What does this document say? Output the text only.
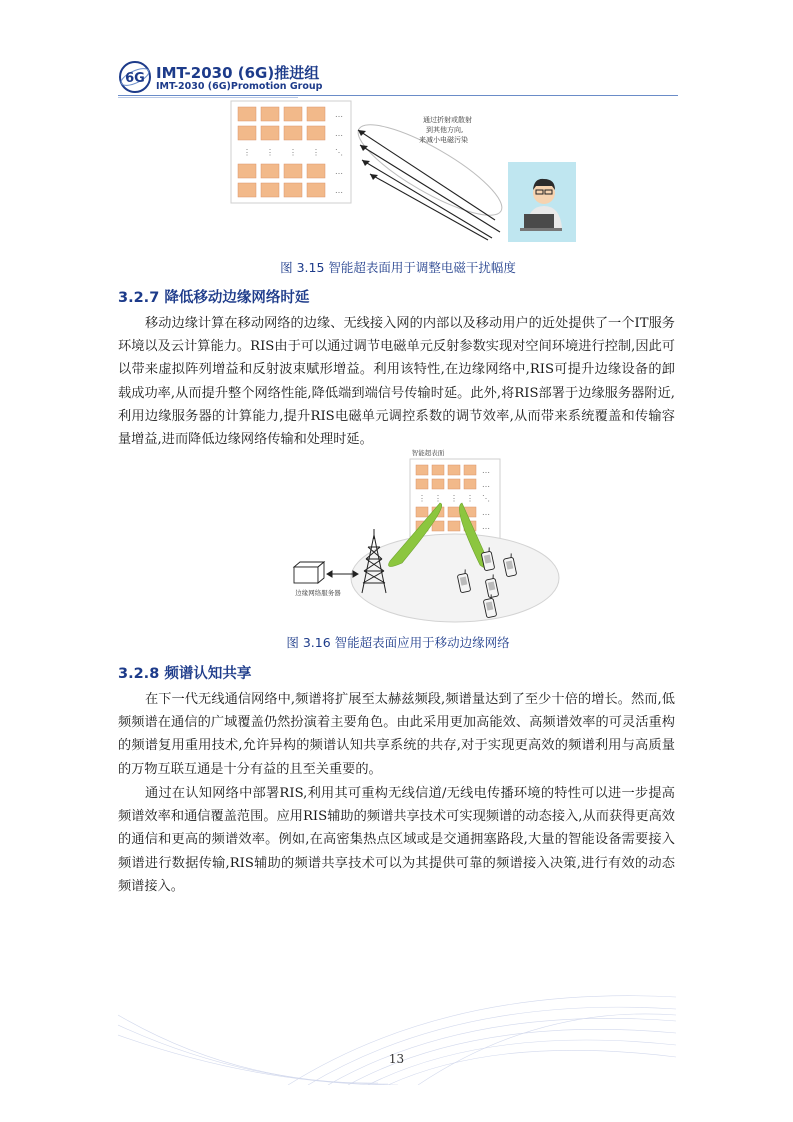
6G IMT-2030 (6G)推进组
IMT-2030 (6G)Promotion Group
…
…
⋮ ⋮ ⋮ ⋮ ⋱
…
…
通过折射或散射 到其他方向, 来减小电磁污染
图 3.15 智能超表面用于调整电磁干扰幅度
3.2.7 降低移动边缘网络时延
移动边缘计算在移动网络的边缘、无线接入网的内部以及移动用户的近处提供了一个IT服务环境以及云计算能力。RIS由于可以通过调节电磁单元反射参数实现对空间环境进行控制,因此可以带来虚拟阵列增益和反射波束赋形增益。利用该特性,在边缘网络中,RIS可提升边缘设备的卸载成功率,从而提升整个网络性能,降低端到端信号传输时延。此外,将RIS部署于边缘服务器附近,利用边缘服务器的计算能力,提升RIS电磁单元调控系数的调节效率,从而带来系统覆盖和传输容量增益,进而降低边缘网络传输和处理时延。
智能超表面
…
…
⋮ ⋮ ⋮ ⋮ ⋱
…
…
边缘网络服务器
图 3.16 智能超表面应用于移动边缘网络
3.2.8 频谱认知共享
在下一代无线通信网络中,频谱将扩展至太赫兹频段,频谱量达到了至少十倍的增长。然而,低频频谱在通信的广域覆盖仍然扮演着主要角色。由此采用更加高能效、高频谱效率的可灵活重构的频谱复用重用技术,允许异构的频谱认知共享系统的共存,对于实现更高效的频谱利用与高质量的万物互联互通是十分有益的且至关重要的。
通过在认知网络中部署RIS,利用其可重构无线信道/无线电传播环境的特性可以进一步提高频谱效率和通信覆盖范围。应用RIS辅助的频谱共享技术可实现频谱的动态接入,从而获得更高效的通信和更高的频谱效率。例如,在高密集热点区域或是交通拥塞路段,大量的智能设备需要接入频谱进行数据传输,RIS辅助的频谱共享技术可以为其提供可靠的频谱接入决策,进行有效的动态频谱接入。
13
